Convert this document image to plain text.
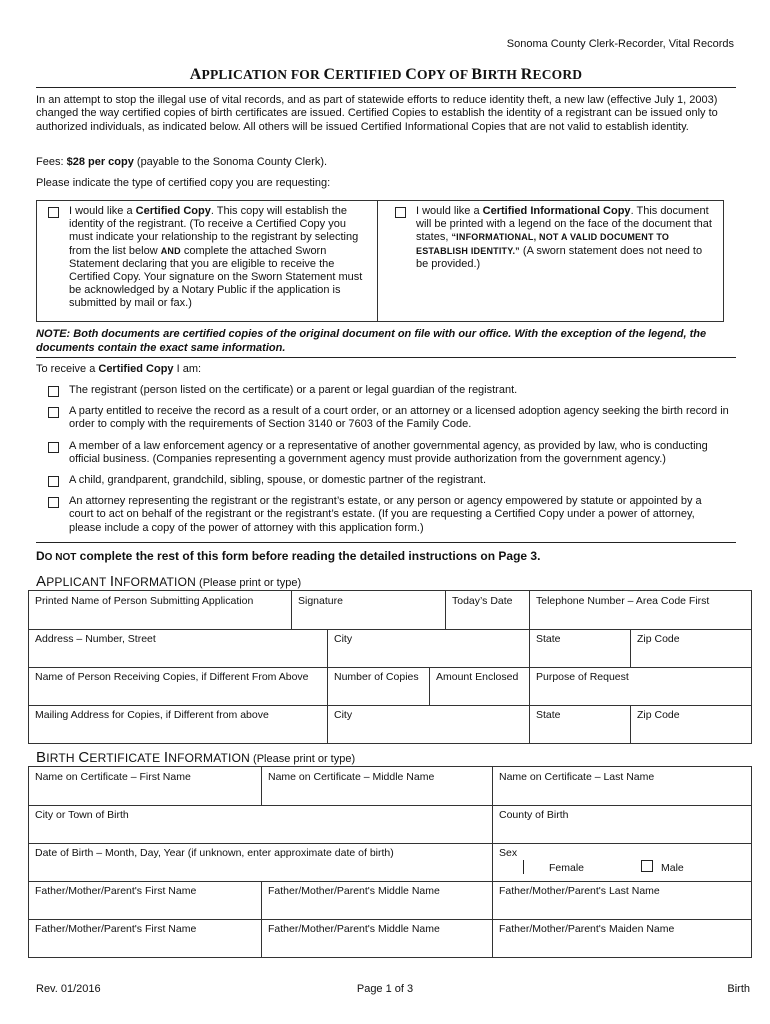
Sonoma County Clerk-Recorder, Vital Records
APPLICATION FOR CERTIFIED COPY OF BIRTH RECORD
In an attempt to stop the illegal use of vital records, and as part of statewide efforts to reduce identity theft, a new law (effective July 1, 2003) changed the way certified copies of birth certificates are issued. Certified Copies to establish the identity of a registrant can be issued only to authorized individuals, as indicated below. All others will be issued Certified Informational Copies that are not valid to establish identity.
Fees: $28 per copy (payable to the Sonoma County Clerk).
Please indicate the type of certified copy you are requesting:
I would like a Certified Copy. This copy will establish the identity of the registrant. (To receive a Certified Copy you must indicate your relationship to the registrant by selecting from the list below AND complete the attached Sworn Statement declaring that you are eligible to receive the Certified Copy. Your signature on the Sworn Statement must be acknowledged by a Notary Public if the application is submitted by mail or fax.)
I would like a Certified Informational Copy. This document will be printed with a legend on the face of the document that states, “INFORMATIONAL, NOT A VALID DOCUMENT TO ESTABLISH IDENTITY.” (A sworn statement does not need to be provided.)
NOTE: Both documents are certified copies of the original document on file with our office. With the exception of the legend, the documents contain the exact same information.
To receive a Certified Copy I am:
The registrant (person listed on the certificate) or a parent or legal guardian of the registrant.
A party entitled to receive the record as a result of a court order, or an attorney or a licensed adoption agency seeking the birth record in order to comply with the requirements of Section 3140 or 7603 of the Family Code.
A member of a law enforcement agency or a representative of another governmental agency, as provided by law, who is conducting official business. (Companies representing a government agency must provide authorization from the government agency.)
A child, grandparent, grandchild, sibling, spouse, or domestic partner of the registrant.
An attorney representing the registrant or the registrant’s estate, or any person or agency empowered by statute or appointed by a court to act on behalf of the registrant or the registrant’s estate. (If you are requesting a Certified Copy under a power of attorney, please include a copy of the power of attorney with this application form.)
DO NOT complete the rest of this form before reading the detailed instructions on Page 3.
APPLICANT INFORMATION (Please print or type)
Printed Name of Person Submitting Application	Signature	Today’s Date	Telephone Number – Area Code First
Address – Number, Street	City	State	Zip Code
Name of Person Receiving Copies, if Different From Above	Number of Copies	Amount Enclosed	Purpose of Request
Mailing Address for Copies, if Different from above	City	State	Zip Code
BIRTH CERTIFICATE INFORMATION (Please print or type)
Name on Certificate – First Name	Name on Certificate – Middle Name	Name on Certificate – Last Name
City or Town of Birth	County of Birth
Date of Birth – Month, Day, Year (if unknown, enter approximate date of birth)	Sex
Female	Male
Father/Mother/Parent's First Name	Father/Mother/Parent's Middle Name	Father/Mother/Parent's Last Name
Father/Mother/Parent's First Name	Father/Mother/Parent's Middle Name	Father/Mother/Parent's Maiden Name
Rev. 01/2016	Page 1 of 3	Birth
